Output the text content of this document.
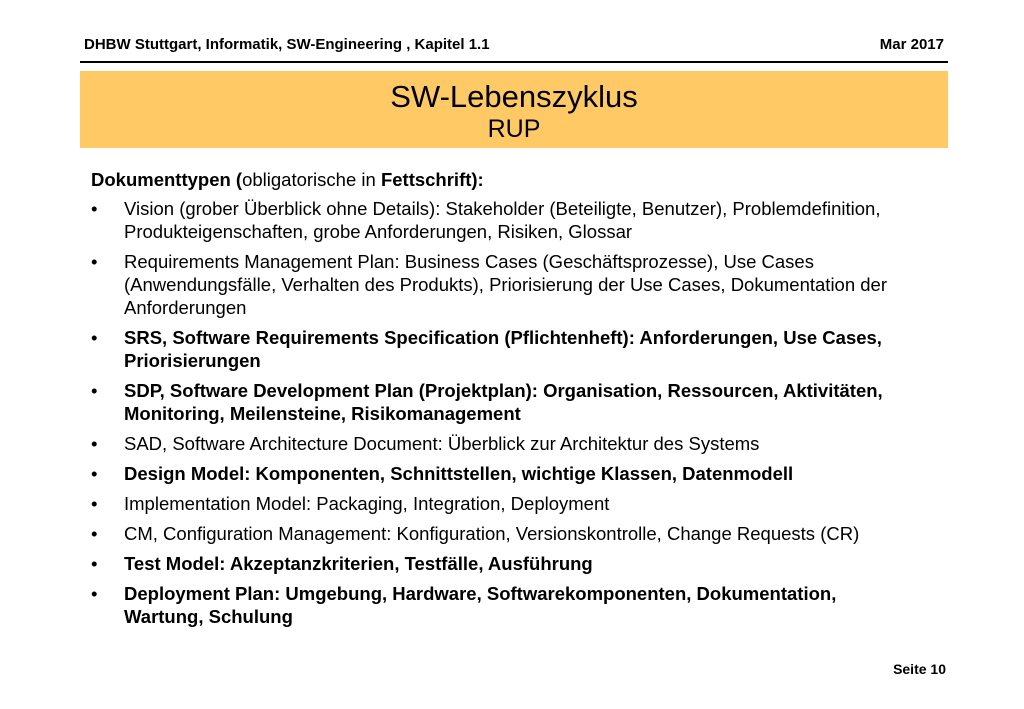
DHBW Stuttgart, Informatik, SW-Engineering , Kapitel 1.1	Mar 2017
SW-Lebenszyklus
RUP

Dokumenttypen (obligatorische in Fettschrift):

• Vision (grober Überblick ohne Details): Stakeholder (Beteiligte, Benutzer), Problemdefinition, Produkteigenschaften, grobe Anforderungen, Risiken, Glossar
• Requirements Management Plan: Business Cases (Geschäftsprozesse), Use Cases (Anwendungsfälle, Verhalten des Produkts), Priorisierung der Use Cases, Dokumentation der Anforderungen
• SRS, Software Requirements Specification (Pflichtenheft): Anforderungen, Use Cases, Priorisierungen
• SDP, Software Development Plan (Projektplan): Organisation, Ressourcen, Aktivitäten, Monitoring, Meilensteine, Risikomanagement
• SAD, Software Architecture Document: Überblick zur Architektur des Systems
• Design Model: Komponenten, Schnittstellen, wichtige Klassen, Datenmodell
• Implementation Model: Packaging, Integration, Deployment
• CM, Configuration Management: Konfiguration, Versionskontrolle, Change Requests (CR)
• Test Model: Akzeptanzkriterien, Testfälle, Ausführung
• Deployment Plan: Umgebung, Hardware, Softwarekomponenten, Dokumentation, Wartung, Schulung
Seite 10
